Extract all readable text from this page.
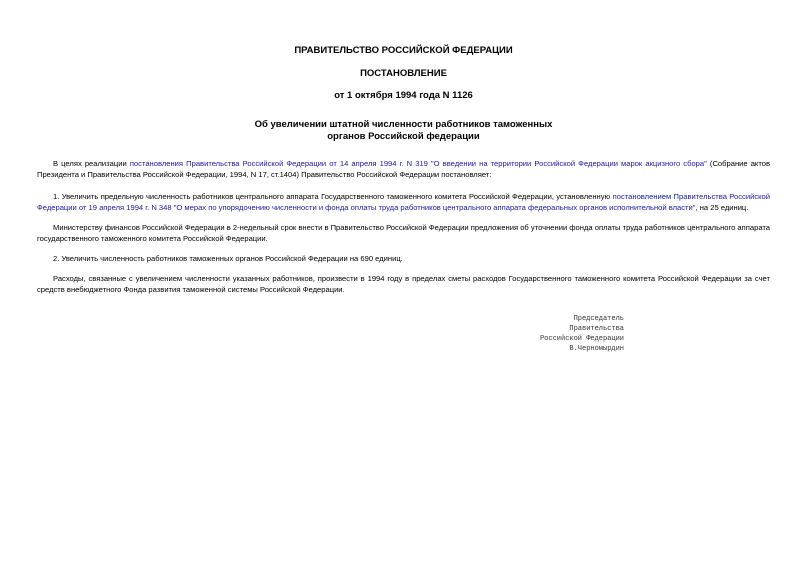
ПРАВИТЕЛЬСТВО РОССИЙСКОЙ ФЕДЕРАЦИИ
ПОСТАНОВЛЕНИЕ
от 1 октября 1994 года N 1126
Об увеличении штатной численности работников таможенных
органов Российской федерации
В целях реализации постановления Правительства Российской Федерации от 14 апреля 1994 г. N 319 "О введении на территории Российской Федерации марок акцизного сбора" (Собрание актов Президента и Правительства Российской Федерации, 1994, N 17, ст.1404) Правительство Российской Федерации постановляет:
1. Увеличить предельную численность работников центрального аппарата Государственного таможенного комитета Российской Федерации, установленную постановлением Правительства Российской Федерации от 19 апреля 1994 г. N 348 "О мерах по упорядочению численности и фонда оплаты труда работников центрального аппарата федеральных органов исполнительной власти", на 25 единиц.
Министерству финансов Российской Федерации в 2-недельный срок внести в Правительство Российской Федерации предложения об уточнении фонда оплаты труда работников центрального аппарата государственного таможенного комитета Российской Федерации.
2. Увеличить численность работников таможенных органов Российской Федерации на 690 единиц.
Расходы, связанные с увеличением численности указанных работников, произвести в 1994 году в пределах сметы расходов Государственного таможенного комитета Российской Федерации за счет средств внебюджетного Фонда развития таможенной системы Российской Федерации.
Председатель Правительства
Российской Федерации
В.Черномырдин
